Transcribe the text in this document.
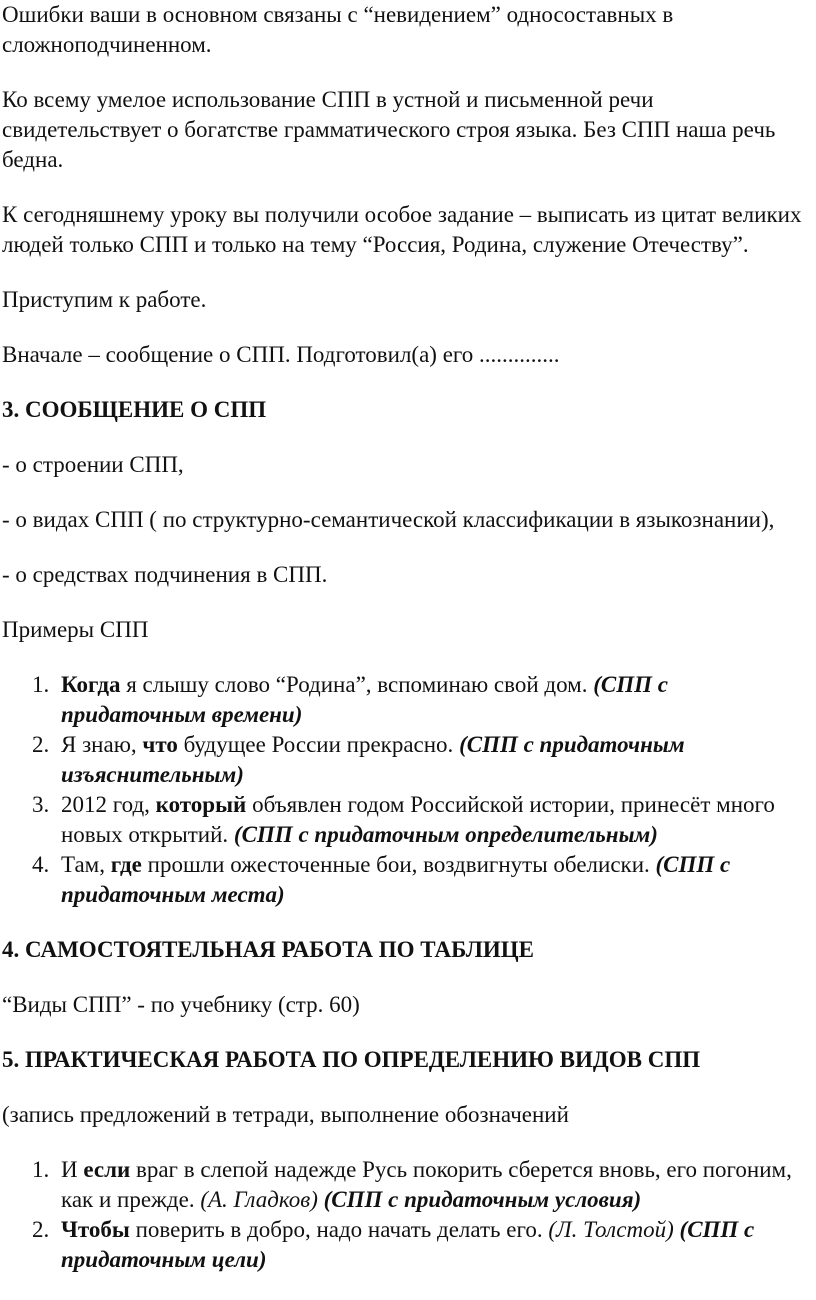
Ошибки ваши в основном связаны с “невидением” односоставных в сложноподчиненном.

Ко всему умелое использование СПП в устной и письменной речи свидетельствует о богатстве грамматического строя языка. Без СПП наша речь бедна.

К сегодняшнему уроку вы получили особое задание – выписать из цитат великих людей только СПП и только на тему “Россия, Родина, служение Отечеству”.

Приступим к работе.

Вначале – сообщение о СПП. Подготовил(а) его ..............

3. СООБЩЕНИЕ О СПП

- о строении СПП,

- о видах СПП ( по структурно-семантической классификации в языкознании),

- о средствах подчинения в СПП.

Примеры СПП

1. Когда я слышу слово “Родина”, вспоминаю свой дом. (СПП с придаточным времени)
2. Я знаю, что будущее России прекрасно. (СПП с придаточным изъяснительным)
3. 2012 год, который объявлен годом Российской истории, принесёт много новых открытий. (СПП с придаточным определительным)
4. Там, где прошли ожесточенные бои, воздвигнуты обелиски. (СПП с придаточным места)

4. САМОСТОЯТЕЛЬНАЯ РАБОТА ПО ТАБЛИЦЕ

“Виды СПП” - по учебнику (стр. 60)

5. ПРАКТИЧЕСКАЯ РАБОТА ПО ОПРЕДЕЛЕНИЮ ВИДОВ СПП

(запись предложений в тетради, выполнение обозначений

1. И если враг в слепой надежде Русь покорить сберется вновь, его погоним, как и прежде. (А. Гладков) (СПП с придаточным условия)
2. Чтобы поверить в добро, надо начать делать его. (Л. Толстой) (СПП с придаточным цели)
